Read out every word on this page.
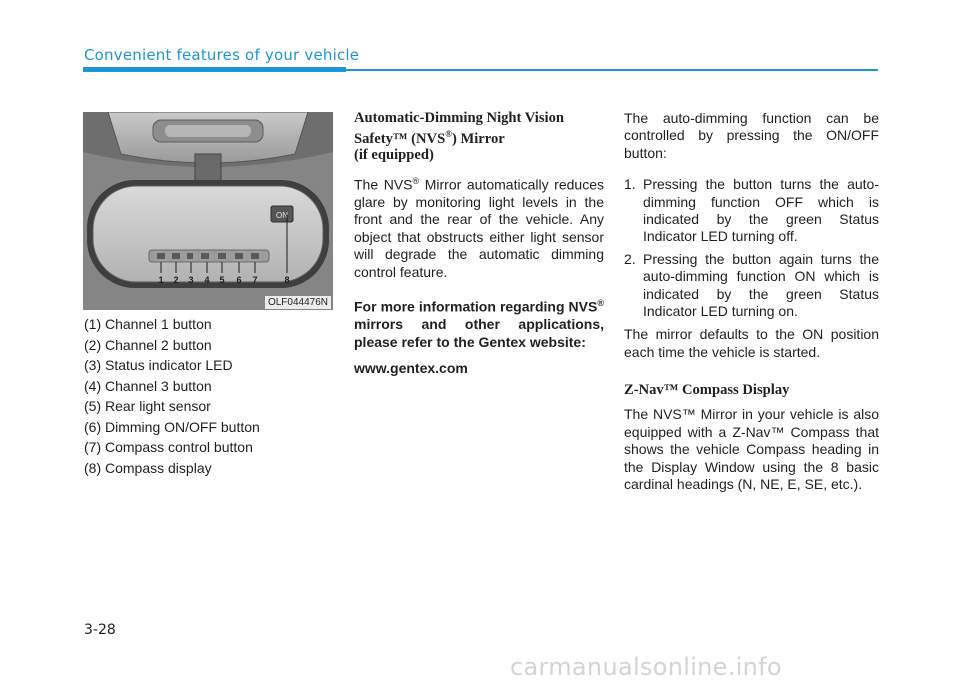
Convenient features of your vehicle
ON
1 2 3 4 5 6 7	8
OLF044476N
(1) Channel 1 button
(2) Channel 2 button
(3) Status indicator LED
(4) Channel 3 button
(5) Rear light sensor
(6) Dimming ON/OFF button
(7) Compass control button
(8) Compass display
Automatic-Dimming Night Vision
Safety™ (NVS®) Mirror
(if equipped)

The NVS® Mirror automatically reduces glare by monitoring light levels in the front and the rear of the vehicle. Any object that obstructs either light sensor will degrade the automatic dimming control feature.

For more information regarding NVS® mirrors and other applications, please refer to the Gentex website:

www.gentex.com

The auto-dimming function can be controlled by pressing the ON/OFF button:

1. Pressing the button turns the auto-dimming function OFF which is indicated by the green Status Indicator LED turning off.
2. Pressing the button again turns the auto-dimming function ON which is indicated by the green Status Indicator LED turning on.

The mirror defaults to the ON position each time the vehicle is started.

Z-Nav™ Compass Display

The NVS™ Mirror in your vehicle is also equipped with a Z-Nav™ Compass that shows the vehicle Compass heading in the Display Window using the 8 basic cardinal headings (N, NE, E, SE, etc.).

3-28
carmanualsonline.info
